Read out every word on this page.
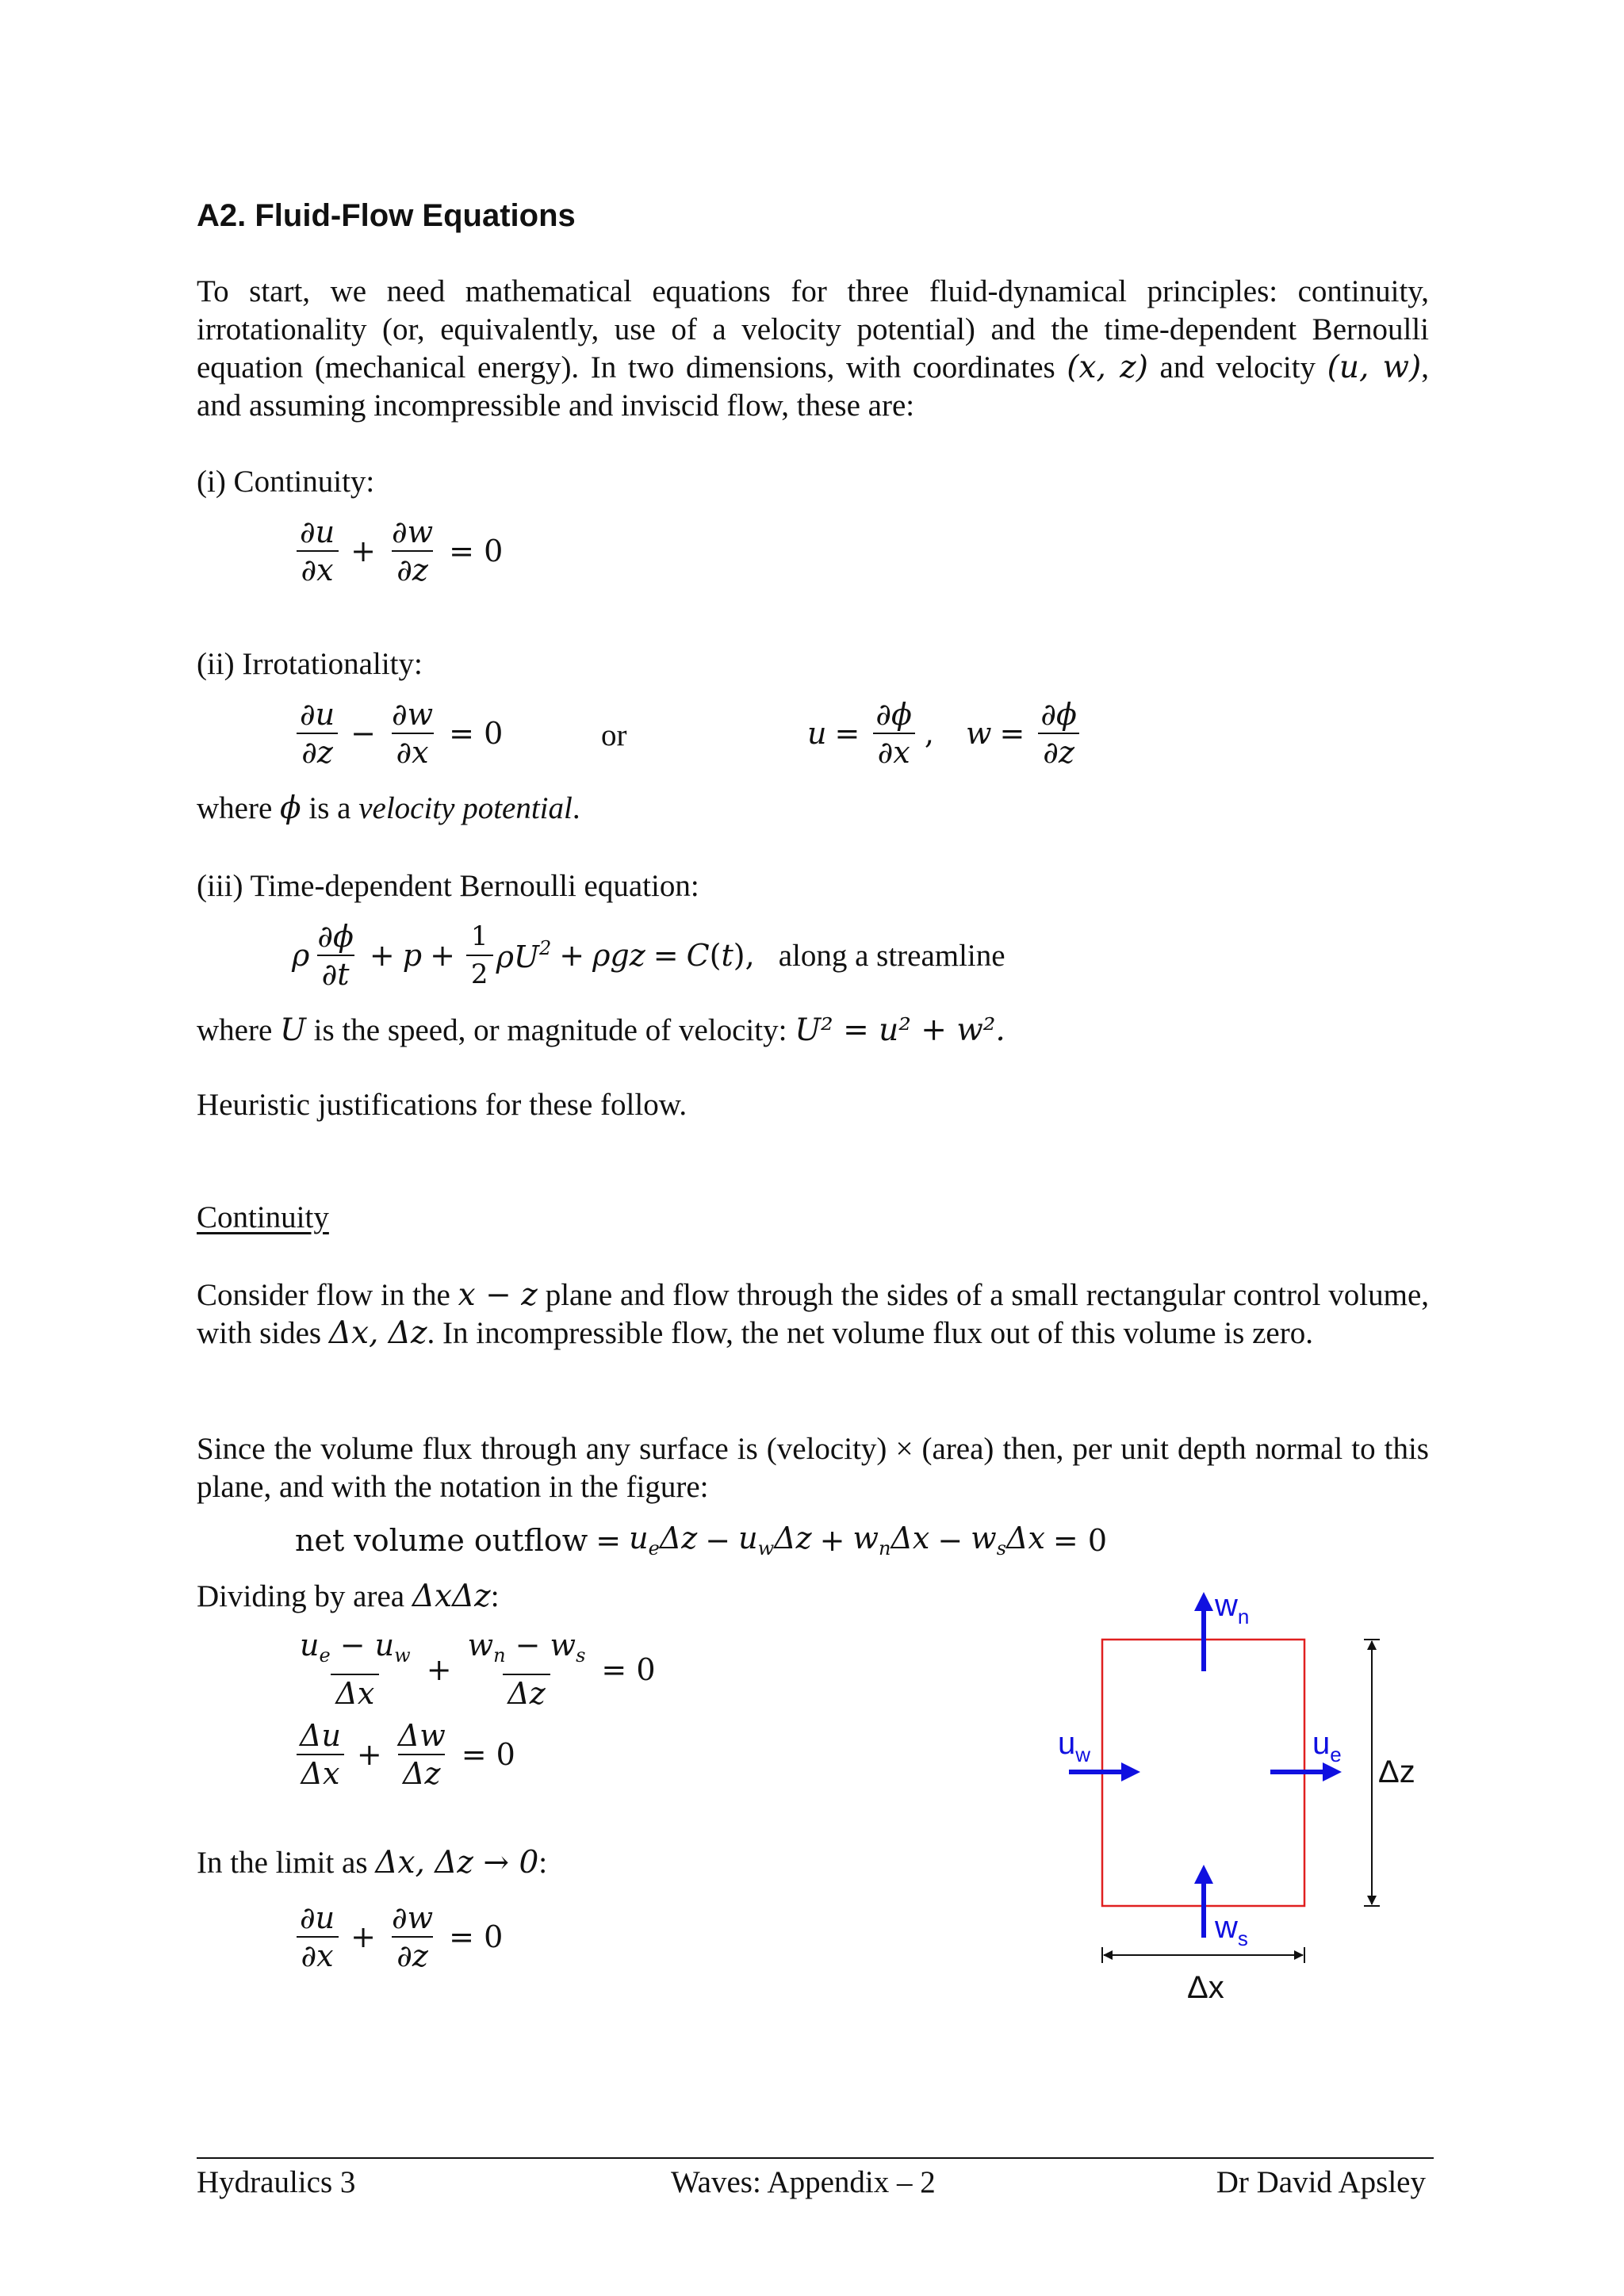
A2. Fluid-Flow Equations
To start, we need mathematical equations for three fluid-dynamical principles: continuity, irrotationality (or, equivalently, use of a velocity potential) and the time-dependent Bernoulli equation (mechanical energy). In two dimensions, with coordinates (x, z) and velocity (u, w), and assuming incompressible and inviscid flow, these are:
(i) Continuity:
$\frac{\partial u}{\partial x} + \frac{\partial w}{\partial z} = 0$
(ii) Irrotationality:
$\frac{\partial u}{\partial z} - \frac{\partial w}{\partial x} = 0$	or	$u = \frac{\partial\phi}{\partial x}$ , $w = \frac{\partial\phi}{\partial z}$
where ϕ is a velocity potential.
(iii) Time-dependent Bernoulli equation:
ρ $\frac{\partial\phi}{\partial t} + p + \frac{1}{2} \rho U^2 + \rho gz = C$ ( t ), along a streamline
where U is the speed, or magnitude of velocity: U² = u² + w².
Heuristic justifications for these follow.
Continuity
Consider flow in the x − z plane and flow through the sides of a small rectangular control volume, with sides Δx, Δz. In incompressible flow, the net volume flux out of this volume is zero.
Since the volume flux through any surface is (velocity) × (area) then, per unit depth normal to this plane, and with the notation in the figure:
net volume outflow = $u_e\Delta z - u_w\Delta z + w_n\Delta x - w_s\Delta x = 0$
Dividing by area ΔxΔz:
$\frac{u_e - u_w}{\Delta x} + \frac{w_n - w_s}{\Delta z} = 0$
$\frac{\Delta u}{\Delta x} + \frac{\Delta w}{\Delta z} = 0$
In the limit as Δx, Δz → 0:
$\frac{\partial u}{\partial x} + \frac{\partial w}{\partial z} = 0$
$w_n$
$w_s$
$u_w$	$u_e$ Δz
Δx
Hydraulics 3	Waves: Appendix – 2	Dr David Apsley
